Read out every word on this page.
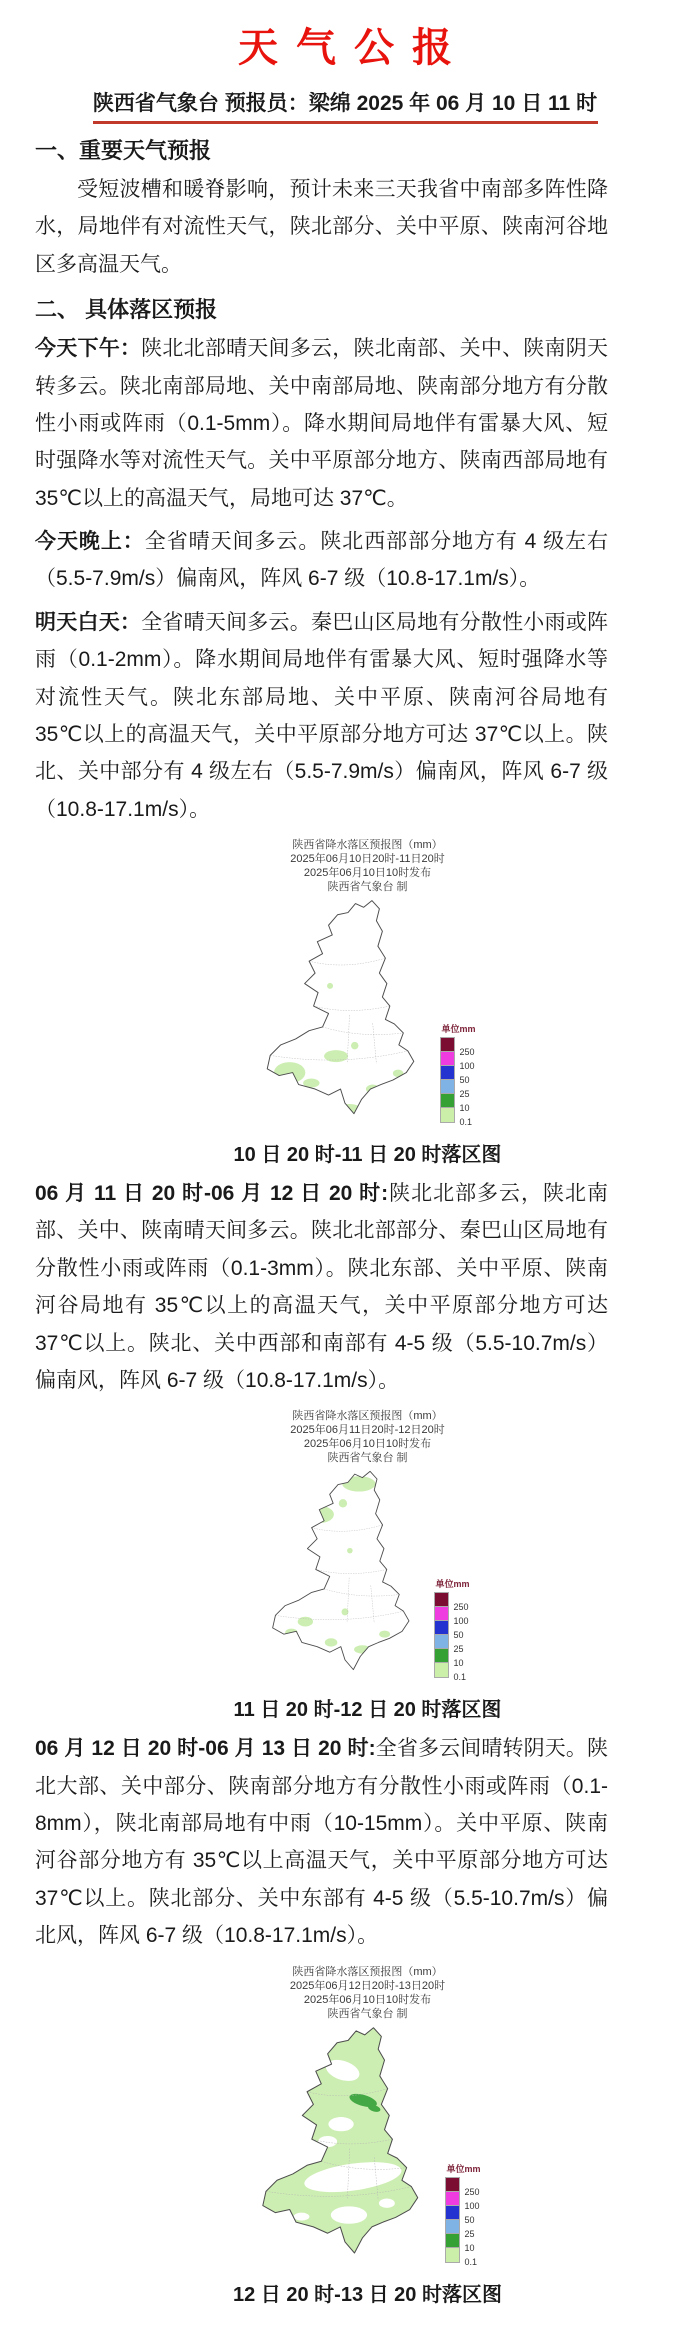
天气公报
陕西省气象台 预报员：梁绵 2025 年 06 月 10 日 11 时
一、重要天气预报

受短波槽和暖脊影响，预计未来三天我省中南部多阵性降水，局地伴有对流性天气，陕北部分、关中平原、陕南河谷地区多高温天气。

二、 具体落区预报

今天下午：陕北北部晴天间多云，陕北南部、关中、陕南阴天转多云。陕北南部局地、关中南部局地、陕南部分地方有分散性小雨或阵雨（0.1-5mm）。降水期间局地伴有雷暴大风、短时强降水等对流性天气。关中平原部分地方、陕南西部局地有 35℃以上的高温天气，局地可达 37℃。

今天晚上：全省晴天间多云。陕北西部部分地方有 4 级左右（5.5-7.9m/s）偏南风，阵风 6-7 级（10.8-17.1m/s）。

明天白天：全省晴天间多云。秦巴山区局地有分散性小雨或阵雨（0.1-2mm）。降水期间局地伴有雷暴大风、短时强降水等对流性天气。陕北东部局地、关中平原、陕南河谷局地有 35℃以上的高温天气，关中平原部分地方可达 37℃以上。陕北、关中部分有 4 级左右（5.5-7.9m/s）偏南风，阵风 6-7 级（10.8-17.1m/s）。

陕西省降水落区预报图（mm）
2025年06月10日20时-11日20时
2025年06月10日10时发布
陕西省气象台 制
单位mm
250
100
50
25
10
0.1
10 日 20 时-11 日 20 时落区图

06 月 11 日 20 时-06 月 12 日 20 时:陕北北部多云，陕北南部、关中、陕南晴天间多云。陕北北部部分、秦巴山区局地有分散性小雨或阵雨（0.1-3mm）。陕北东部、关中平原、陕南河谷局地有 35℃以上的高温天气，关中平原部分地方可达 37℃以上。陕北、关中西部和南部有 4-5 级（5.5-10.7m/s）偏南风，阵风 6-7 级（10.8-17.1m/s）。

陕西省降水落区预报图（mm）
2025年06月11日20时-12日20时
2025年06月10日10时发布
陕西省气象台 制
单位mm
250
100
50
25
10
0.1
11 日 20 时-12 日 20 时落区图

06 月 12 日 20 时-06 月 13 日 20 时:全省多云间晴转阴天。陕北大部、关中部分、陕南部分地方有分散性小雨或阵雨（0.1-8mm），陕北南部局地有中雨（10-15mm）。关中平原、陕南河谷部分地方有 35℃以上高温天气，关中平原部分地方可达 37℃以上。陕北部分、关中东部有 4-5 级（5.5-10.7m/s）偏北风，阵风 6-7 级（10.8-17.1m/s）。

陕西省降水落区预报图（mm）
2025年06月12日20时-13日20时
2025年06月10日10时发布
陕西省气象台 制
单位mm
250
100
50
25
10
0.1
12 日 20 时-13 日 20 时落区图
